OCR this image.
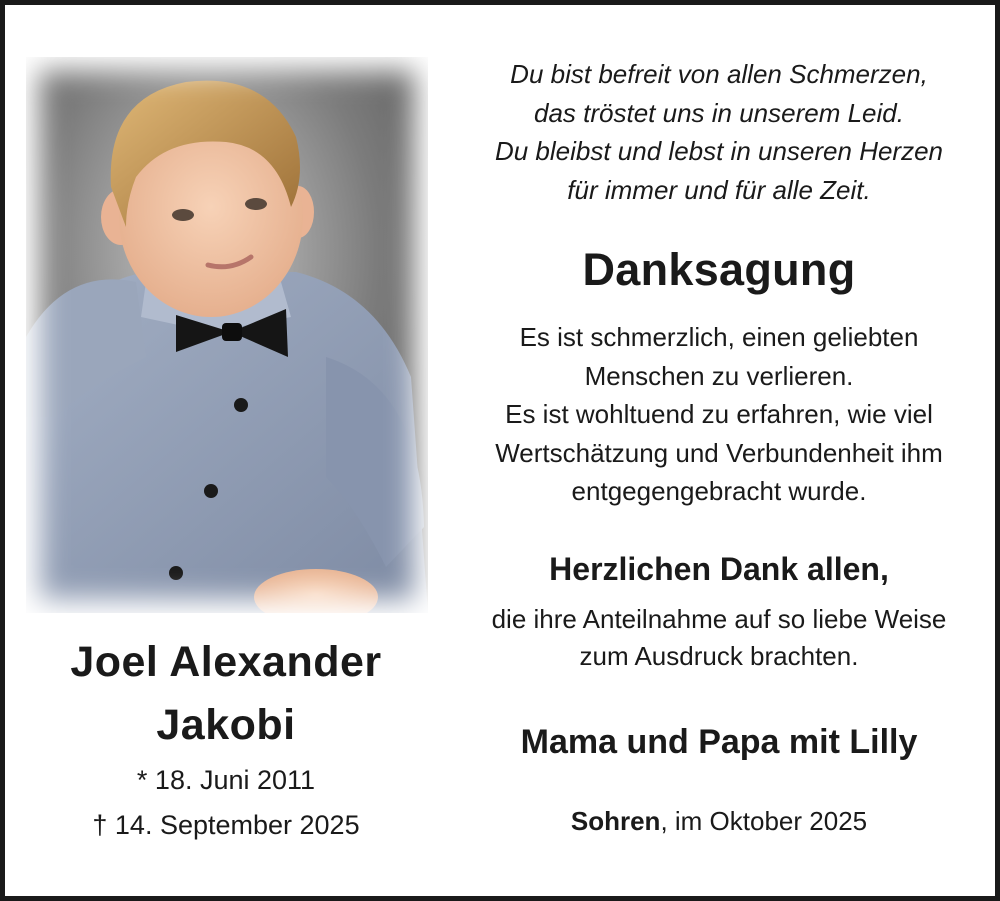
Joel Alexander
Jakobi
* 18. Juni 2011
† 14. September 2025
Du bist befreit von allen Schmerzen,
das tröstet uns in unserem Leid.
Du bleibst und lebst in unseren Herzen
für immer und für alle Zeit.
Danksagung
Es ist schmerzlich, einen geliebten
Menschen zu verlieren.
Es ist wohltuend zu erfahren, wie viel
Wertschätzung und Verbundenheit ihm
entgegengebracht wurde.
Herzlichen Dank allen,
die ihre Anteilnahme auf so liebe Weise
zum Ausdruck brachten.
Mama und Papa mit Lilly
Sohren, im Oktober 2025
